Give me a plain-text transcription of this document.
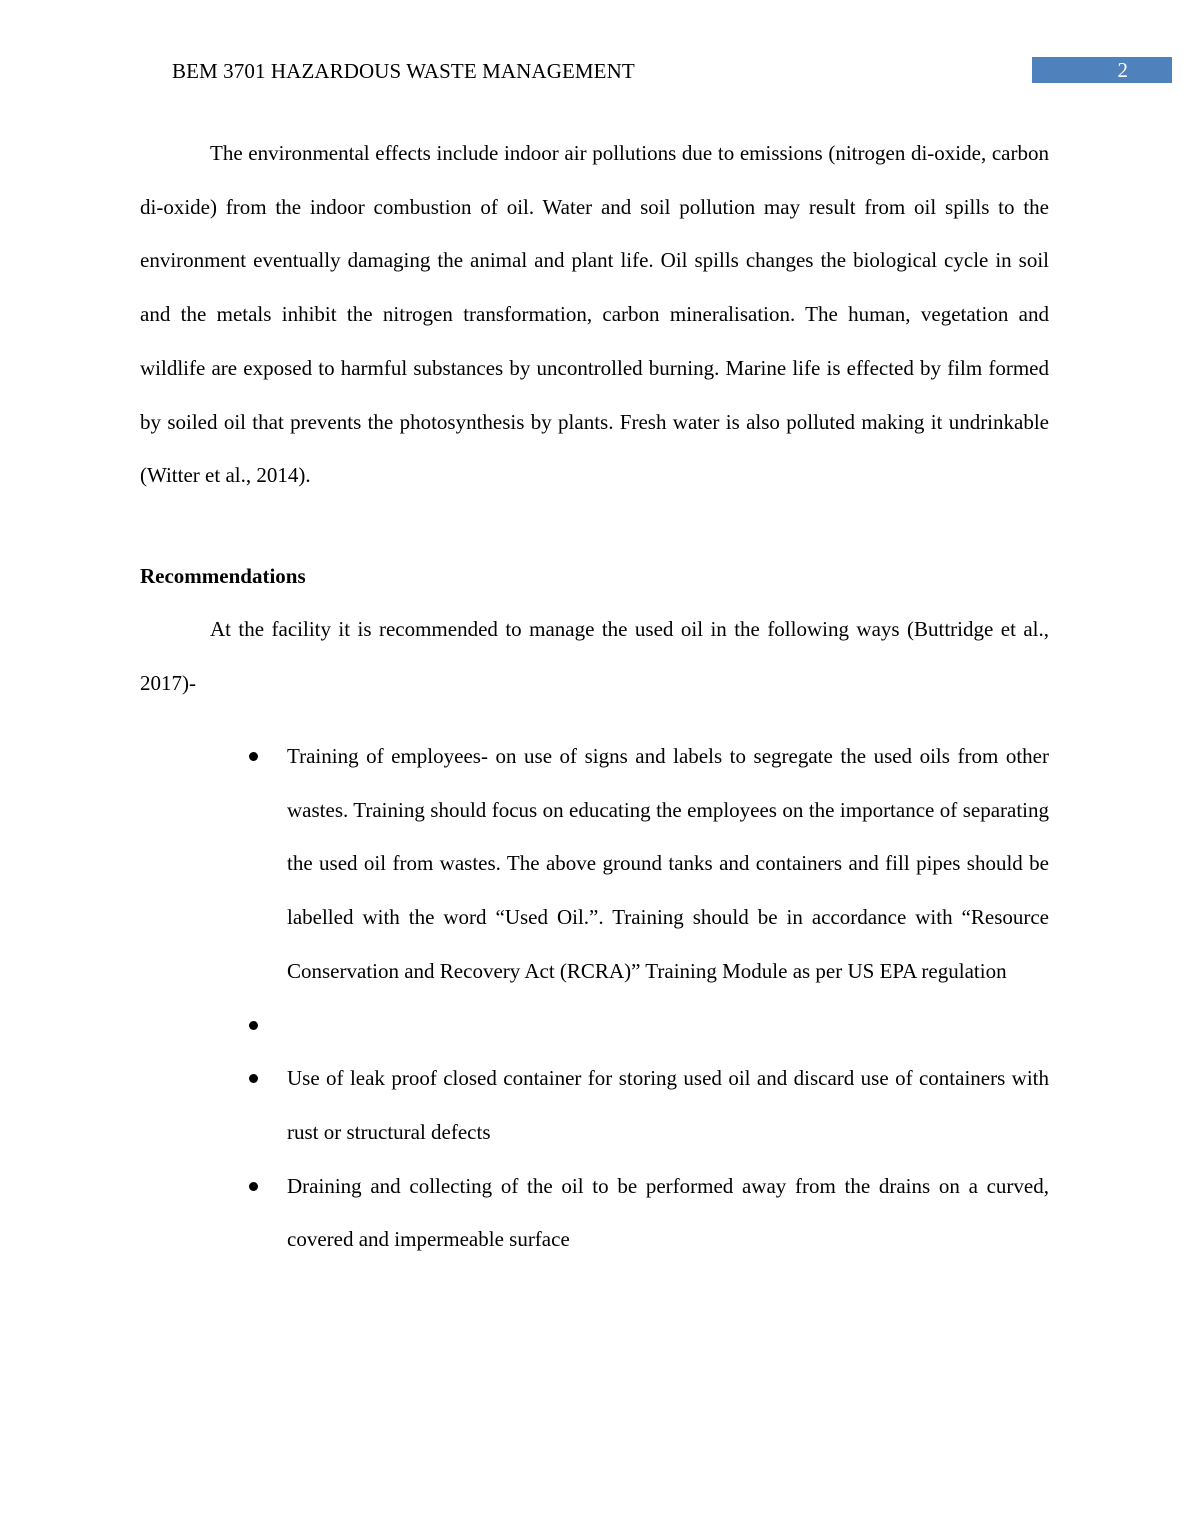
BEM 3701 HAZARDOUS WASTE MANAGEMENT	2
The environmental effects include indoor air pollutions due to emissions (nitrogen di-oxide, carbon di-oxide) from the indoor combustion of oil. Water and soil pollution may result from oil spills to the environment eventually damaging the animal and plant life. Oil spills changes the biological cycle in soil and the metals inhibit the nitrogen transformation, carbon mineralisation. The human, vegetation and wildlife are exposed to harmful substances by uncontrolled burning. Marine life is effected by film formed by soiled oil that prevents the photosynthesis by plants. Fresh water is also polluted making it undrinkable (Witter et al., 2014).
Recommendations
At the facility it is recommended to manage the used oil in the following ways (Buttridge et al., 2017)-
Training of employees- on use of signs and labels to segregate the used oils from other wastes. Training should focus on educating the employees on the importance of separating the used oil from wastes. The above ground tanks and containers and fill pipes should be labelled with the word “Used Oil.”. Training should be in accordance with “Resource Conservation and Recovery Act (RCRA)” Training Module as per US EPA regulation
Use of leak proof closed container for storing used oil and discard use of containers with rust or structural defects
Draining and collecting of the oil to be performed away from the drains on a curved, covered and impermeable surface
